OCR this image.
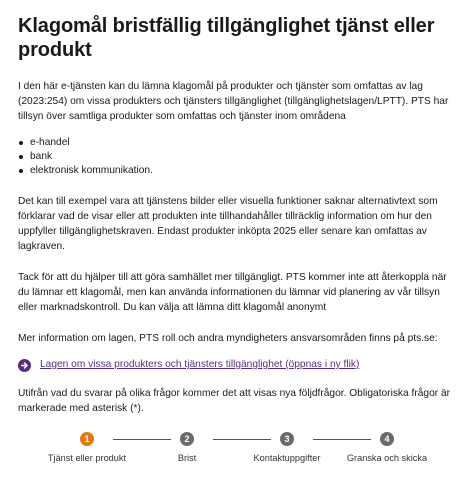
Klagomål bristfällig tillgänglighet tjänst eller produkt

I den här e-tjänsten kan du lämna klagomål på produkter och tjänster som omfattas av lag (2023:254) om vissa produkters och tjänsters tillgänglighet (tillgänglighetslagen/LPTT). PTS har tillsyn över samtliga produkter som omfattas och tjänster inom områdena

e-handel
bank
elektronisk kommunikation.

Det kan till exempel vara att tjänstens bilder eller visuella funktioner saknar alternativtext som förklarar vad de visar eller att produkten inte tillhandahåller tillräcklig information om hur den uppfyller tillgänglighetskraven. Endast produkter inköpta 2025 eller senare kan omfattas av lagkraven.

Tack för att du hjälper till att göra samhället mer tillgängligt. PTS kommer inte att återkoppla när du lämnar ett klagomål, men kan använda informationen du lämnar vid planering av vår tillsyn eller marknadskontroll. Du kan välja att lämna ditt klagomål anonymt

Mer information om lagen, PTS roll och andra myndigheters ansvarsområden finns på pts.se:

Lagen om vissa produkters och tjänsters tillgänglighet (öppnas i ny flik)

Utifrån vad du svarar på olika frågor kommer det att visas nya följdfrågor. Obligatoriska frågor är markerade med asterisk (*).

1
Tjänst eller produkt
2
Brist
3
Kontaktuppgifter
4
Granska och skicka
